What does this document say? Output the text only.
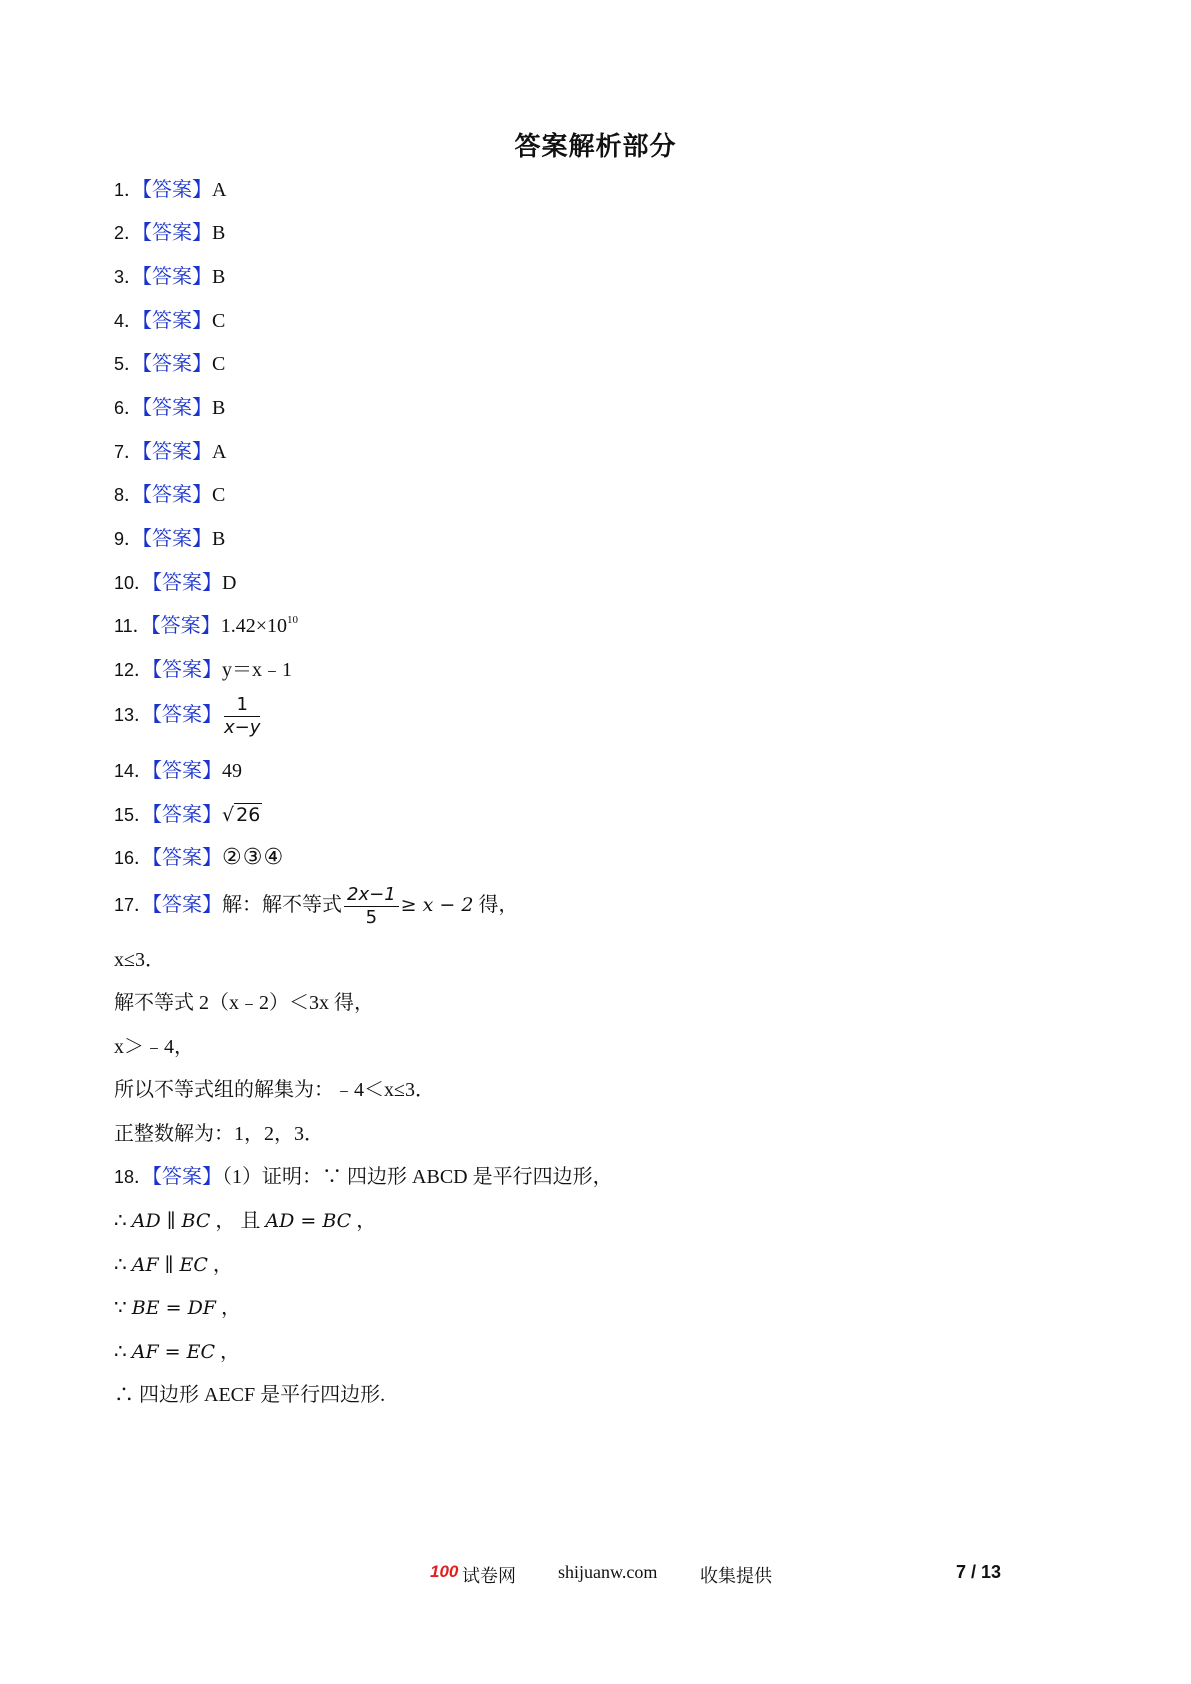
答案解析部分
1．【答案】A
2．【答案】B
3．【答案】B
4．【答案】C
5．【答案】C
6．【答案】B
7．【答案】A
8．【答案】C
9．【答案】B
10．【答案】D
11．【答案】$1.42\times 10^{10}$
12．【答案】y＝x﹣1
13．【答案】 $\frac{1}{x-y}$
14．【答案】49
15．【答案】√ 26
16．【答案】②③④
17．【答案】解：解不等式 $\frac{2x-1}{5} \ge x - 2$ 得，
x≤3．
解不等式 2（x﹣2）＜3x 得，
x＞﹣4，
所以不等式组的解集为：﹣4＜x≤3．
正整数解为：1，2，3．
18．【答案】（1）证明：∵ 四边形 ABCD 是平行四边形，
∴ AD ∥ BC ， 且 AD = BC ，
∴ AF ∥ EC ，
∵ BE = DF ，
∴ AF = EC ，
∴ 四边形 AECF 是平行四边形.
100 试卷网 shijuanw.com 收集提供	7 / 13
